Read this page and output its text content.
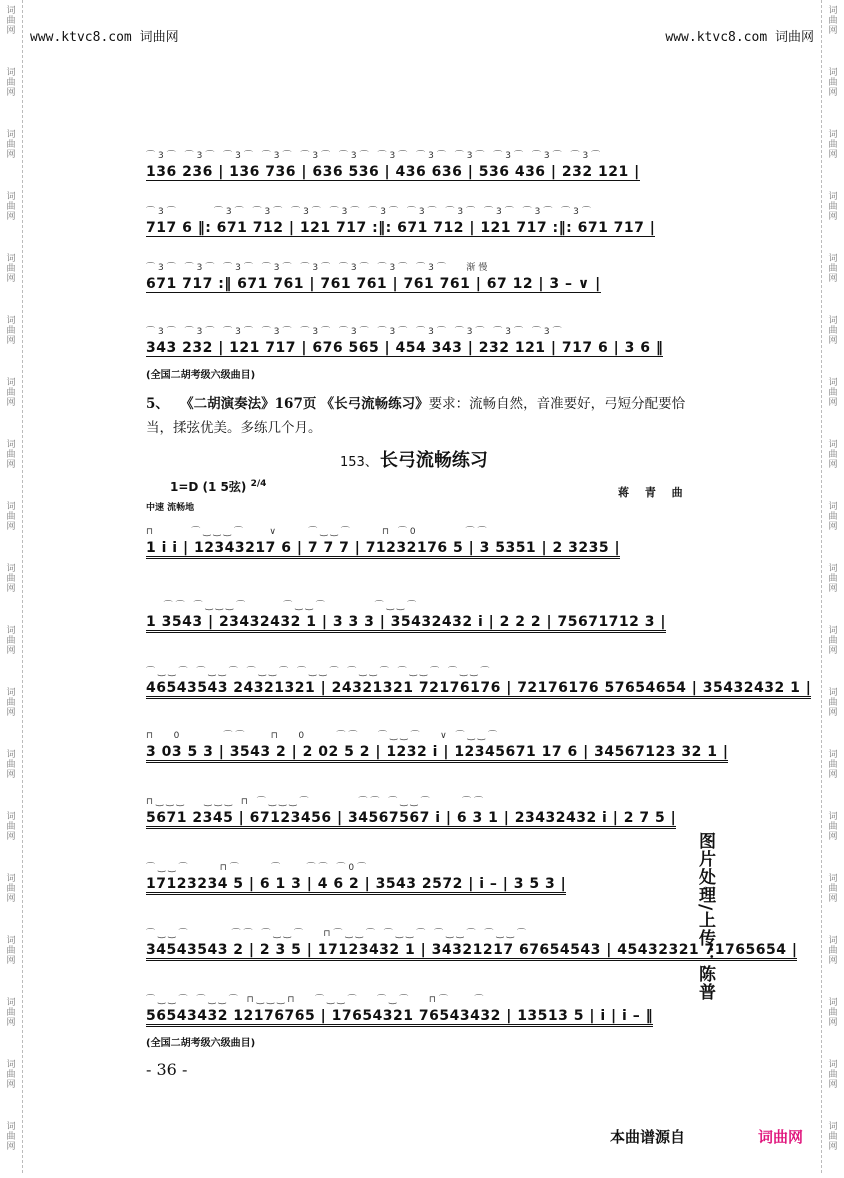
词
曲
网
词
曲
网
词
曲
网
词
曲
网
词
曲
网
词
曲
网
词
曲
网
词
曲
网
词
曲
网
词
曲
网
词
曲
网
词
曲
网
词
曲
网
词
曲
网
词
曲
网
词
曲
网
词
曲
网
词
曲
网
词
曲
网
词
曲
网
词
曲
网
词
曲
网
词
曲
网
词
曲
网
词
曲
网
词
曲
网
词
曲
网
词
曲
网
词
曲
网
词
曲
网
词
曲
网
词
曲
网
词
曲
网
词
曲
网
词
曲
网
词
曲
网
词
曲
网
词
曲
网
www.ktvc8.com 词曲网	www.ktvc8.com 词曲网
⌒3⌒ ⌒3⌒ ⌒3⌒ ⌒3⌒ ⌒3⌒ ⌒3⌒ ⌒3⌒ ⌒3⌒ ⌒3⌒ ⌒3⌒ ⌒3⌒ ⌒3⌒
136 236 | 136 736 | 636 536 | 436 636 | 536 436 | 232 121 |
⌒3⌒      ⌒3⌒ ⌒3⌒ ⌒3⌒ ⌒3⌒ ⌒3⌒ ⌒3⌒ ⌒3⌒ ⌒3⌒ ⌒3⌒ ⌒3⌒
717 6 ‖: 671 712 | 121 717 :‖: 671 712 | 121 717 :‖: 671 717 |
⌒3⌒ ⌒3⌒ ⌒3⌒ ⌒3⌒ ⌒3⌒ ⌒3⌒ ⌒3⌒ ⌒3⌒   渐慢
671 717 :‖ 671 761 | 761 761 | 761 761 | 67 12 | 3 – ∨ |
⌒3⌒ ⌒3⌒ ⌒3⌒ ⌒3⌒ ⌒3⌒ ⌒3⌒ ⌒3⌒ ⌒3⌒ ⌒3⌒ ⌒3⌒ ⌒3⌒
343 232 | 121 717 | 676 565 | 454 343 | 232 121 | 717 6 | 3 6 ‖
(全国二胡考级六级曲目)
5、 《二胡演奏法》167页 《长弓流畅练习》要求：流畅自然，音准要好，弓短分配要恰
当，揉弦优美。多练几个月。
153、 长弓流畅练习
1=D (1 5弦) $^{2/4}$
蒋 青 曲
中速 流畅地
⊓      ⌒‿‿‿⌒    ∨     ⌒‿‿⌒     ⊓ ⌒0        ⌒⌒
1 i i | 12343217 6 | 7 7 7 | 71232176 5 | 3 5351 | 2 3235 |
⌒⌒ ⌒‿‿‿⌒      ⌒‿‿⌒        ⌒‿‿⌒
1 3543 | 23432432 1 | 3 3 3 | 35432432 i | 2 2 2 | 75671712 3 |
⌒‿‿⌒ ⌒‿‿⌒ ⌒‿‿⌒ ⌒‿‿⌒ ⌒‿‿⌒ ⌒‿‿⌒ ⌒‿‿⌒
46543543 24321321 | 24321321 72176176 | 72176176 57654654 | 35432432 1 |
⊓   0       ⌒⌒    ⊓   0     ⌒⌒   ⌒‿‿⌒   ∨ ⌒‿‿⌒
3 03 5 3 | 3543 2 | 2 02 5 2 | 1232 i | 12345671 17 6 | 34567123 32 1 |
⊓‿‿‿   ‿‿‿ ⊓ ⌒‿‿‿⌒        ⌒⌒ ⌒‿‿⌒     ⌒⌒
5671 2345 | 67123456 | 34567567 i | 6 3 1 | 23432432 i | 2 7 5 |
⌒‿‿⌒     ⊓⌒     ⌒    ⌒⌒ ⌒0⌒
17123234 5 | 6 1 3 | 4 6 2 | 3543 2572 | i – | 3 5 3 |
⌒‿‿⌒       ⌒⌒ ⌒‿‿⌒   ⊓⌒‿‿⌒ ⌒‿‿⌒ ⌒‿‿⌒ ⌒‿‿⌒
34543543 2 | 2 3 5 | 17123432 1 | 34321217 67654543 | 45432321 71765654 |
⌒‿‿⌒ ⌒‿‿⌒ ⊓‿‿‿⊓   ⌒‿‿⌒   ⌒‿⌒   ⊓⌒    ⌒
56543432 12176765 | 17654321 76543432 | 13513 5 | i | i – ‖
(全国二胡考级六级曲目)
图片处理/上传：陈普
- 36 -
本曲谱源自	词曲网
